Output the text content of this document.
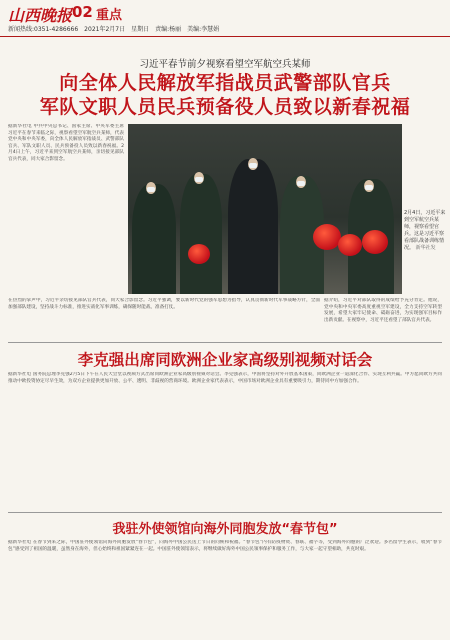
山西晚报 02 重点
新闻热线:0351-4286666　2021年2月7日　星期日　责编:杨丽　美编:李慧娟
习近平春节前夕视察看望空军航空兵某师
向全体人民解放军指战员武警部队官兵
军队文职人员民兵预备役人员致以新春祝福
据新华社电 中共中央总书记、国家主席、中央军委主席习近平在春节来临之际，视察看望空军航空兵某师，代表党中央和中央军委，向全体人民解放军指战员、武警部队官兵、军队文职人员、民兵预备役人员致以新春祝福。2月4日上午，习近平来到空军航空兵某师，亲切接见部队官兵代表，同大家合影留念。
2月4日，习近平来到空军航空兵某师，视察看望官兵。这是习近平察看部队战备训练情况。 新华社发
在热烈的掌声中，习近平亲切接见部队官兵代表，同大家合影留念。习近平强调，要以新时代党的强军思想为指导，认真贯彻新时代军事战略方针，全面加强部队建设，坚持战斗力标准，推进实战化军事训练，确保随时能战、准备打仗。
据介绍，习近平对部队取得的成绩给予充分肯定。他说，党中央和中央军委高度重视空军建设，全力支持空军转型发展，希望大家牢记使命、砥砺奋进，为实现强军目标作出新贡献。在视察中，习近平还看望了部队官兵代表。
李克强出席同欧洲企业家高级别视频对话会
据新华社电 国务院总理李克强2月5日下午在人民大会堂以视频方式出席同欧洲企业家高级别视频对话会。李克强表示，中国将坚持对外开放基本国策，同欧洲企业一道深化合作、实现互利共赢。中方愿同欧方共同推动中欧投资协定尽早生效，为双方企业提供更加开放、公平、透明、非歧视的营商环境。欧洲企业家代表表示，中国市场对欧洲企业具有重要吸引力，期待同中方加强合作。
我驻外使领馆向海外同胞发放“春节包”
据新华社电 在春节到来之际，中国驻外使领馆向海外同胞发放“春节包”，向海外中国公民送上节日的问候和祝福。“春节包”内有防疫物资、春联、福字等，受到海外同胞的广泛欢迎。多名留学生表示，收到“春节包”感受到了祖国的温暖，虽然身在海外，但心始终和祖国紧紧连在一起。中国驻外使领馆表示，将继续做好海外中国公民领事保护和服务工作，与大家一起守望相助，共克时艰。
